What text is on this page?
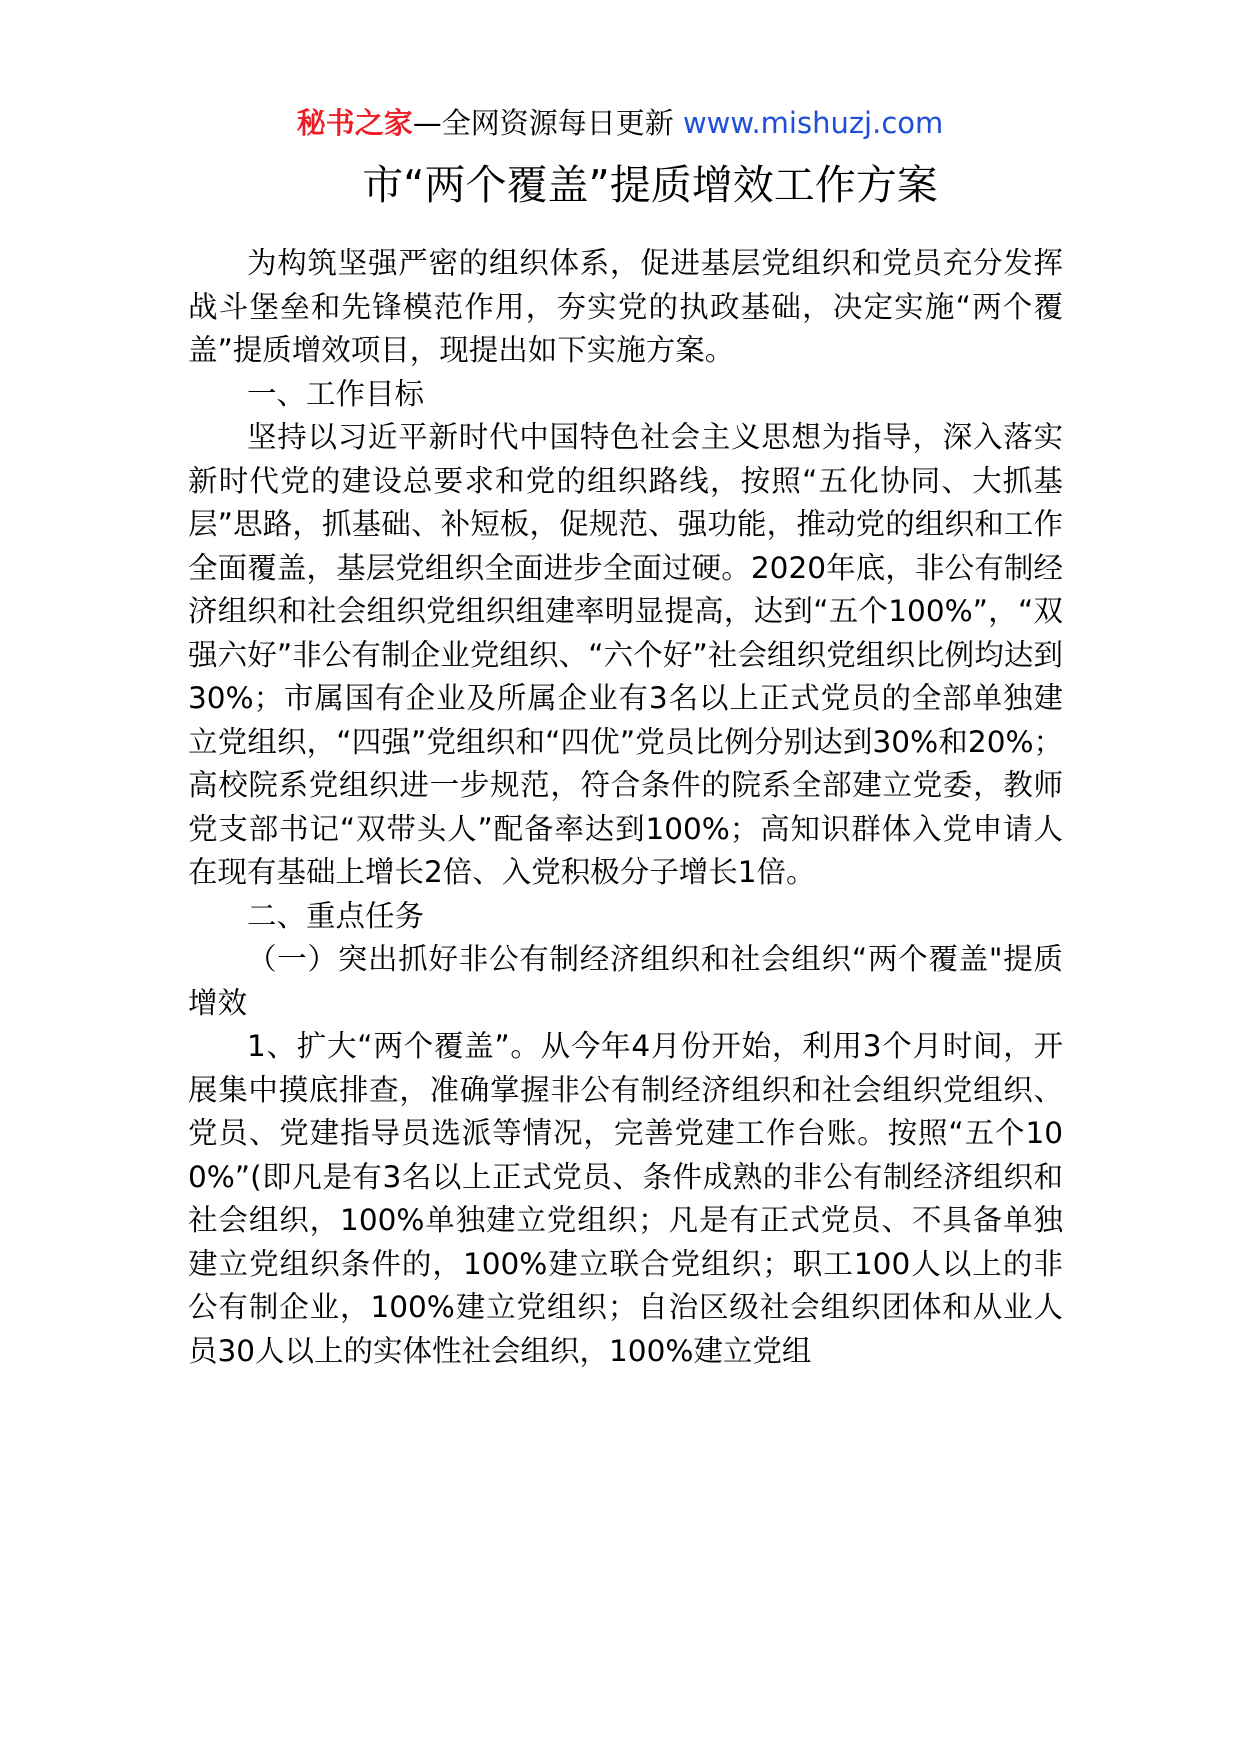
秘书之家—全网资源每日更新 www.mishuzj.com
市“两个覆盖”提质增效工作方案

为构筑坚强严密的组织体系，促进基层党组织和党员充分发挥战斗堡垒和先锋模范作用，夯实党的执政基础，决定实施“两个覆盖”提质增效项目，现提出如下实施方案。

一、工作目标

坚持以习近平新时代中国特色社会主义思想为指导，深入落实新时代党的建设总要求和党的组织路线，按照“五化协同、大抓基层”思路，抓基础、补短板，促规范、强功能，推动党的组织和工作全面覆盖，基层党组织全面进步全面过硬。2020年底，非公有制经济组织和社会组织党组织组建率明显提高，达到“五个100%”，“双强六好”非公有制企业党组织、“六个好”社会组织党组织比例均达到30%；市属国有企业及所属企业有3名以上正式党员的全部单独建立党组织，“四强”党组织和“四优”党员比例分别达到30%和20%；高校院系党组织进一步规范，符合条件的院系全部建立党委，教师党支部书记“双带头人”配备率达到100%；高知识群体入党申请人在现有基础上增长2倍、入党积极分子增长1倍。

二、重点任务

（一）突出抓好非公有制经济组织和社会组织“两个覆盖"提质增效

1、扩大“两个覆盖”。从今年4月份开始，利用3个月时间，开展集中摸底排查，准确掌握非公有制经济组织和社会组织党组织、党员、党建指导员选派等情况，完善党建工作台账。按照“五个100%”(即凡是有3名以上正式党员、条件成熟的非公有制经济组织和社会组织，100%单独建立党组织；凡是有正式党员、不具备单独建立党组织条件的，100%建立联合党组织；职工100人以上的非公有制企业，100%建立党组织；自治区级社会组织团体和从业人员30人以上的实体性社会组织，100%建立党组
